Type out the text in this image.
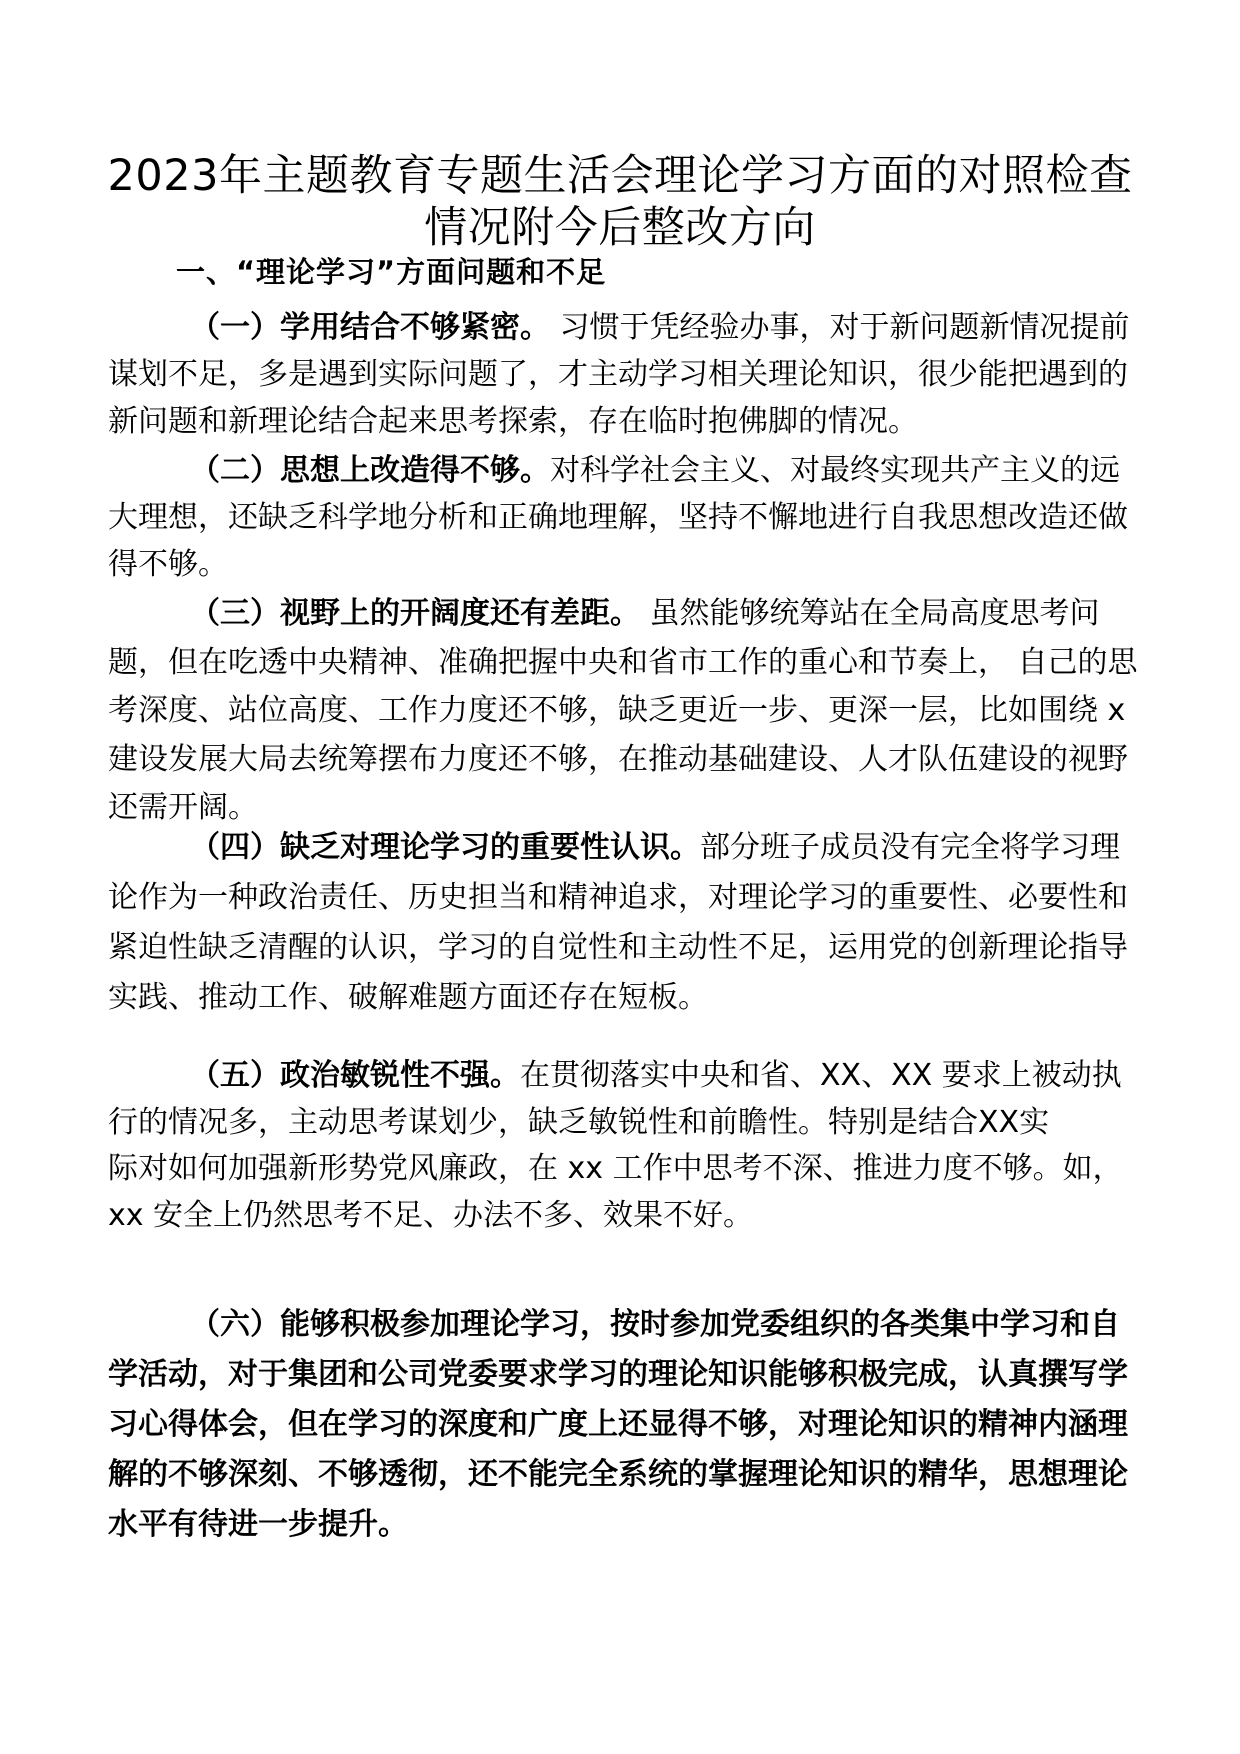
2023年主题教育专题生活会理论学习方面的对照检查
情况附今后整改方向
一、“理论学习”方面问题和不足

（一）学用结合不够紧密。 习惯于凭经验办事，对于新问题新情况提前谋划不足，多是遇到实际问题了，才主动学习相关理论知识，很少能把遇到的新问题和新理论结合起来思考探索，存在临时抱佛脚的情况。

（二）思想上改造得不够。对科学社会主义、对最终实现共产主义的远大理想，还缺乏科学地分析和正确地理解，坚持不懈地进行自我思想改造还做得不够。

（三）视野上的开阔度还有差距。 虽然能够统筹站在全局高度思考问题，但在吃透中央精神、准确把握中央和省市工作的重心和节奏上， 自己的思考深度、站位高度、工作力度还不够，缺乏更近一步、更深一层，比如围绕 x 建设发展大局去统筹摆布力度还不够，在推动基础建设、人才队伍建设的视野还需开阔。

（四）缺乏对理论学习的重要性认识。部分班子成员没有完全将学习理论作为一种政治责任、历史担当和精神追求，对理论学习的重要性、必要性和紧迫性缺乏清醒的认识，学习的自觉性和主动性不足，运用党的创新理论指导实践、推动工作、破解难题方面还存在短板。

（五）政治敏锐性不强。在贯彻落实中央和省、XX、XX 要求上被动执行的情况多，主动思考谋划少，缺乏敏锐性和前瞻性。特别是结合XX实
际对如何加强新形势党风廉政，在 xx 工作中思考不深、推进力度不够。如， xx 安全上仍然思考不足、办法不多、效果不好。

（六）能够积极参加理论学习，按时参加党委组织的各类集中学习和自学活动，对于集团和公司党委要求学习的理论知识能够积极完成，认真撰写学习心得体会，但在学习的深度和广度上还显得不够，对理论知识的精神内涵理解的不够深刻、不够透彻，还不能完全系统的掌握理论知识的精华，思想理论水平有待进一步提升。
